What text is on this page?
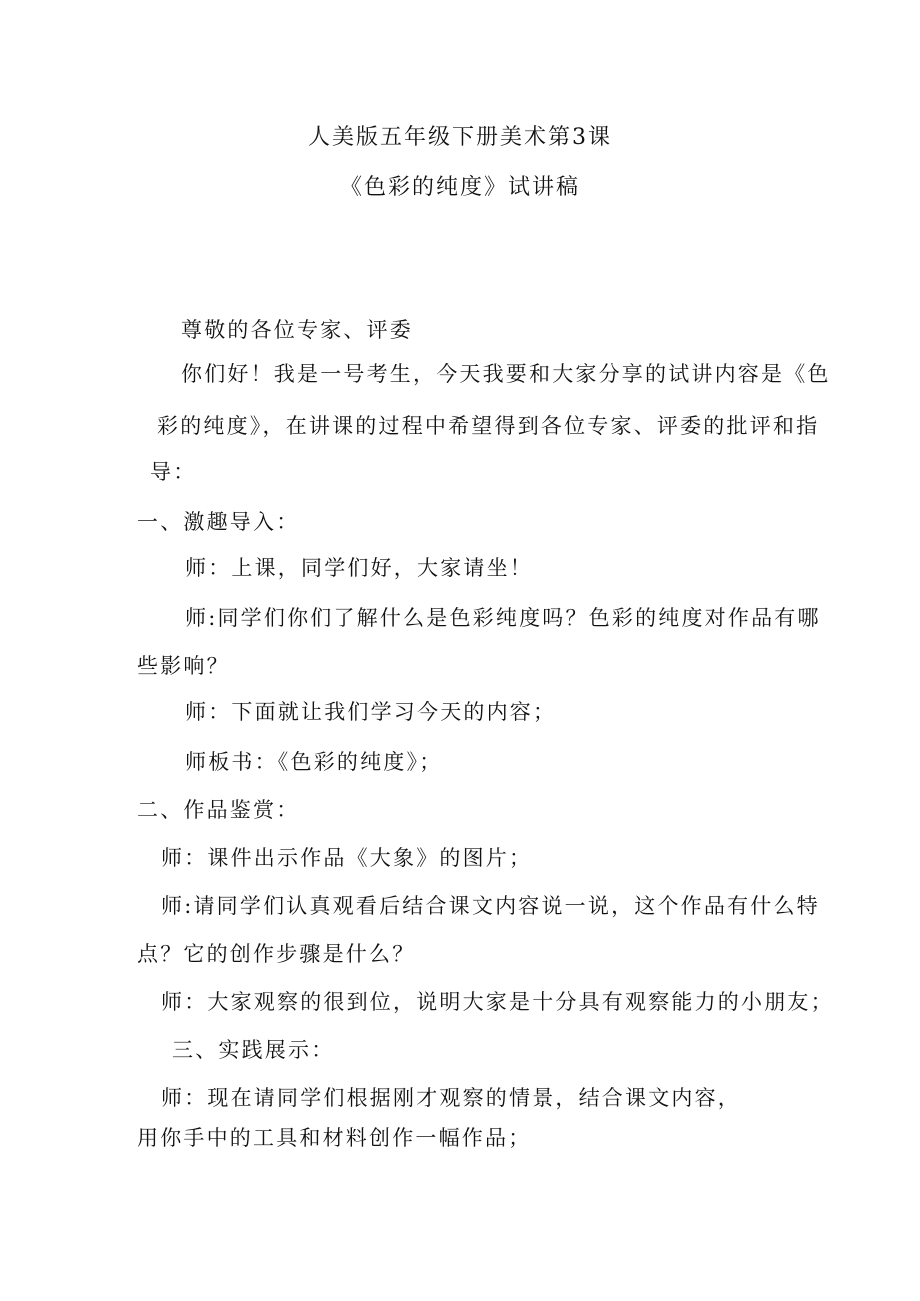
人美版五年级下册美术第3课
《色彩的纯度》试讲稿
尊敬的各位专家、评委
你们好！我是一号考生，今天我要和大家分享的试讲内容是《色
彩的纯度》，在讲课的过程中希望得到各位专家、评委的批评和指
导：
一、激趣导入：
师：上课，同学们好，大家请坐！
师:同学们你们了解什么是色彩纯度吗？色彩的纯度对作品有哪
些影响？
师：下面就让我们学习今天的内容；
师板书：《色彩的纯度》；
二、作品鉴赏：
师：课件出示作品《大象》的图片；
师:请同学们认真观看后结合课文内容说一说，这个作品有什么特
点？它的创作步骤是什么？
师：大家观察的很到位，说明大家是十分具有观察能力的小朋友；
三、实践展示：
师：现在请同学们根据刚才观察的情景，结合课文内容，
用你手中的工具和材料创作一幅作品；
